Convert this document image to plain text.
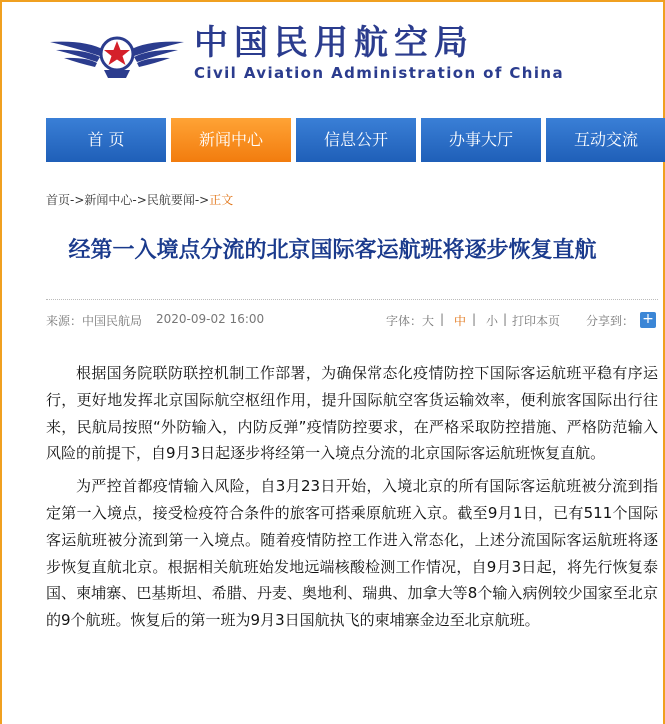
中国民用航空局
Civil Aviation Administration of China
首 页	新闻中心	信息公开	办事大厅	互动交流
首页->新闻中心->民航要闻->正文
经第一入境点分流的北京国际客运航班将逐步恢复直航
来源：中国民航局 2020-09-02 16:00	字体： 大 | 中 | 小 | 打印本页 分享到： +

根据国务院联防联控机制工作部署，为确保常态化疫情防控下国际客运航班平稳有序运行，更好地发挥北京国际航空枢纽作用，提升国际航空客货运输效率，便利旅客国际出行往来，民航局按照“外防输入，内防反弹”疫情防控要求，在严格采取防控措施、严格防范输入风险的前提下，自9月3日起逐步将经第一入境点分流的北京国际客运航班恢复直航。

为严控首都疫情输入风险，自3月23日开始，入境北京的所有国际客运航班被分流到指定第一入境点，接受检疫符合条件的旅客可搭乘原航班入京。截至9月1日，已有511个国际客运航班被分流到第一入境点。随着疫情防控工作进入常态化，上述分流国际客运航班将逐步恢复直航北京。根据相关航班始发地远端核酸检测工作情况，自9月3日起，将先行恢复泰国、柬埔寨、巴基斯坦、希腊、丹麦、奥地利、瑞典、加拿大等8个输入病例较少国家至北京的9个航班。恢复后的第一班为9月3日国航执飞的柬埔寨金边至北京航班。
